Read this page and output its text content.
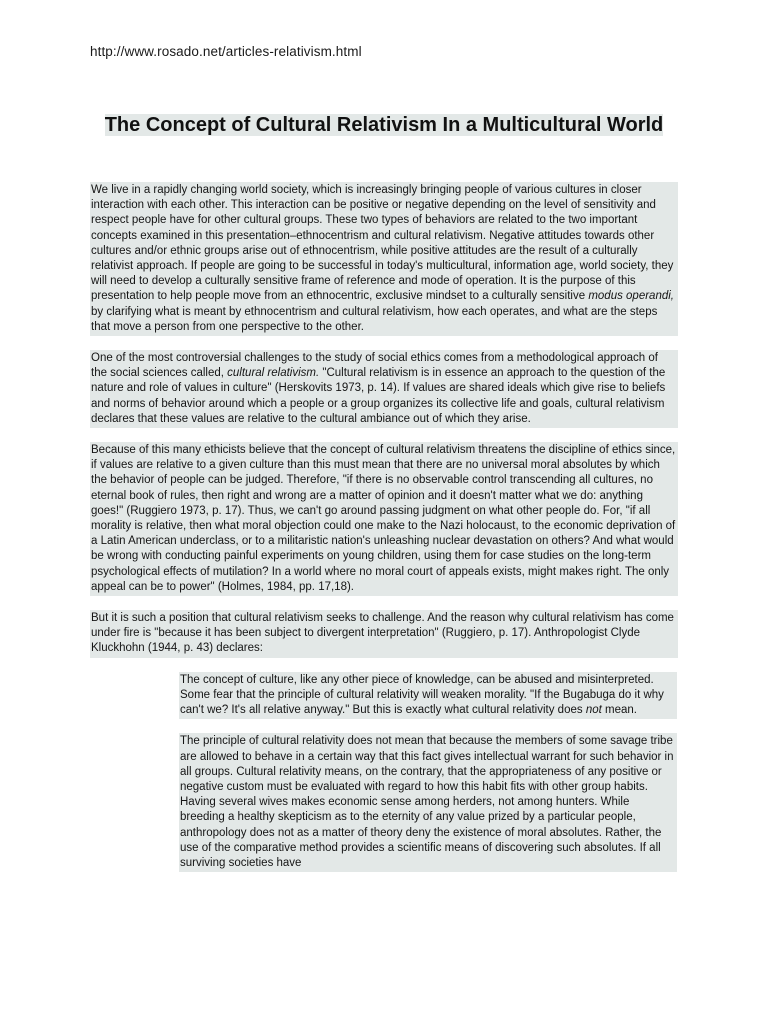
http://www.rosado.net/articles-relativism.html
The Concept of Cultural Relativism In a Multicultural World

We live in a rapidly changing world society, which is increasingly bringing people of various cultures in closer interaction with each other. This interaction can be positive or negative depending on the level of sensitivity and respect people have for other cultural groups. These two types of behaviors are related to the two important concepts examined in this presentation–ethnocentrism and cultural relativism. Negative attitudes towards other cultures and/or ethnic groups arise out of ethnocentrism, while positive attitudes are the result of a culturally relativist approach. If people are going to be successful in today's multicultural, information age, world society, they will need to develop a culturally sensitive frame of reference and mode of operation. It is the purpose of this presentation to help people move from an ethnocentric, exclusive mindset to a culturally sensitive modus operandi, by clarifying what is meant by ethnocentrism and cultural relativism, how each operates, and what are the steps that move a person from one perspective to the other.

One of the most controversial challenges to the study of social ethics comes from a methodological approach of the social sciences called, cultural relativism. "Cultural relativism is in essence an approach to the question of the nature and role of values in culture" (Herskovits 1973, p. 14). If values are shared ideals which give rise to beliefs and norms of behavior around which a people or a group organizes its collective life and goals, cultural relativism declares that these values are relative to the cultural ambiance out of which they arise.

Because of this many ethicists believe that the concept of cultural relativism threatens the discipline of ethics since, if values are relative to a given culture than this must mean that there are no universal moral absolutes by which the behavior of people can be judged. Therefore, "if there is no observable control transcending all cultures, no eternal book of rules, then right and wrong are a matter of opinion and it doesn't matter what we do: anything goes!" (Ruggiero 1973, p. 17). Thus, we can't go around passing judgment on what other people do. For, "if all morality is relative, then what moral objection could one make to the Nazi holocaust, to the economic deprivation of a Latin American underclass, or to a militaristic nation's unleashing nuclear devastation on others? And what would be wrong with conducting painful experiments on young children, using them for case studies on the long-term psychological effects of mutilation? In a world where no moral court of appeals exists, might makes right. The only appeal can be to power" (Holmes, 1984, pp. 17,18).

But it is such a position that cultural relativism seeks to challenge. And the reason why cultural relativism has come under fire is "because it has been subject to divergent interpretation" (Ruggiero, p. 17). Anthropologist Clyde Kluckhohn (1944, p. 43) declares:

The concept of culture, like any other piece of knowledge, can be abused and misinterpreted. Some fear that the principle of cultural relativity will weaken morality. "If the Bugabuga do it why can't we? It's all relative anyway." But this is exactly what cultural relativity does not mean.

The principle of cultural relativity does not mean that because the members of some savage tribe are allowed to behave in a certain way that this fact gives intellectual warrant for such behavior in all groups. Cultural relativity means, on the contrary, that the appropriateness of any positive or negative custom must be evaluated with regard to how this habit fits with other group habits. Having several wives makes economic sense among herders, not among hunters. While breeding a healthy skepticism as to the eternity of any value prized by a particular people, anthropology does not as a matter of theory deny the existence of moral absolutes. Rather, the use of the comparative method provides a scientific means of discovering such absolutes. If all surviving societies have
